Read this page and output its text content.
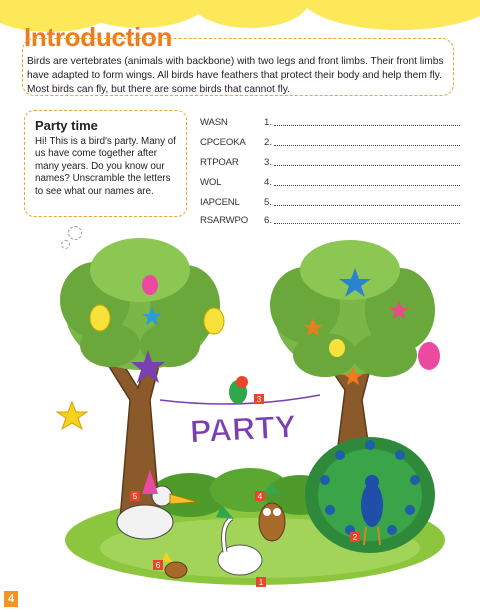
Introduction

Birds are vertebrates (animals with backbone) with two legs and front limbs. Their front limbs have adapted to form wings. All birds have feathers that protect their body and help them fly. Most birds can fly, but there are some birds that cannot fly.

Party time
Hi! This is a bird's party. Many of us have come together after many years. Do you know our names? Unscramble the letters to see what our names are.
WASN	1.
CPCEOKA	2.
RTPOAR	3.
WOL	4.
IAPCENL	5.
RSARWPO	6.
PARTY
1
2
3
4
5
6
4
